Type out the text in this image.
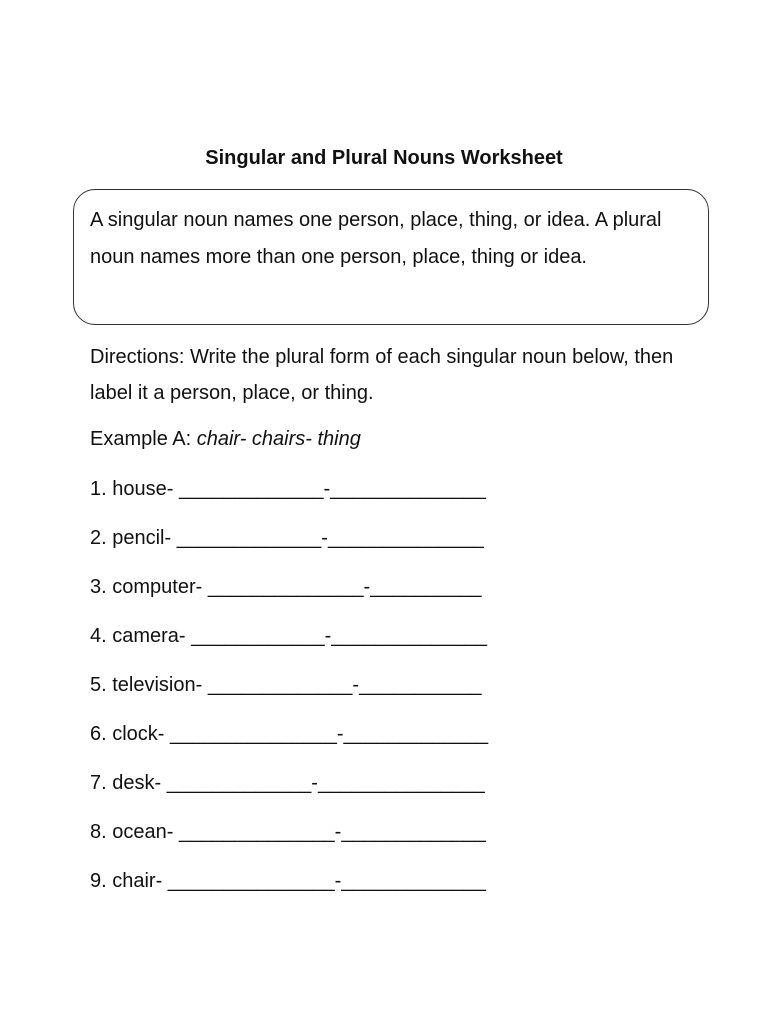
Singular and Plural Nouns Worksheet
A singular noun names one person, place, thing, or idea. A plural noun names more than one person, place, thing or idea.
Directions: Write the plural form of each singular noun below, then label it a person, place, or thing.
Example A: chair- chairs- thing
1. house- _____________-______________
2. pencil- _____________-______________
3. computer- ______________-__________
4. camera- ____________-______________
5. television- _____________-___________
6. clock- _______________-_____________
7. desk- _____________-_______________
8. ocean- ______________-_____________
9. chair- _______________-_____________
